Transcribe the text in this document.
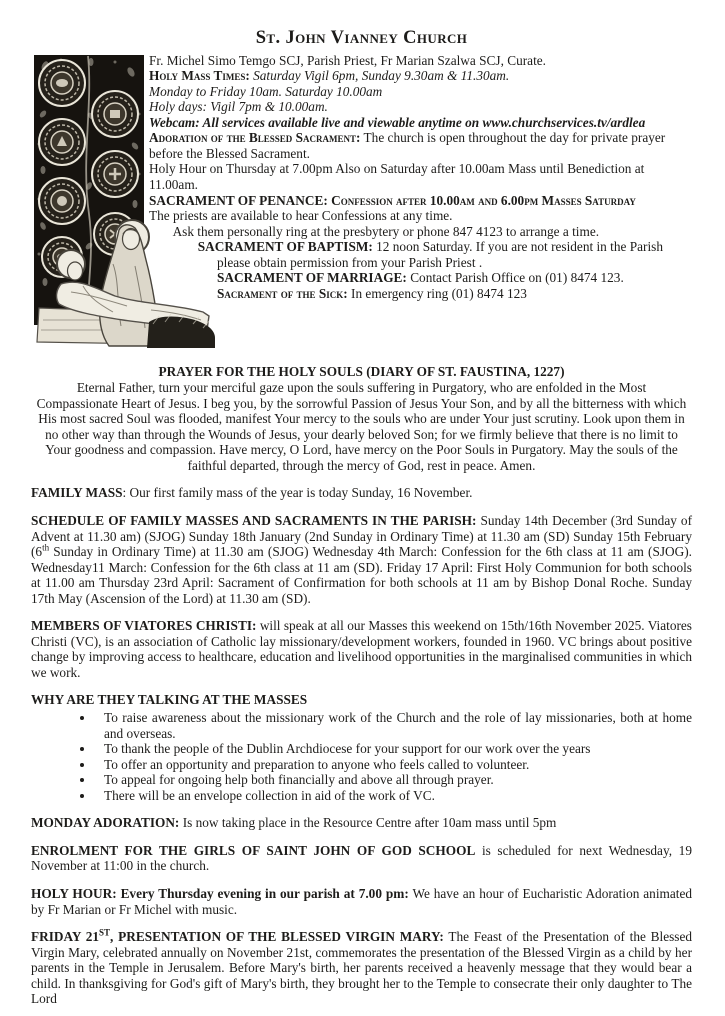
St. John Vianney Church
Fr. Michel Simo Temgo SCJ, Parish Priest, Fr Marian Szalwa SCJ, Curate.
Holy Mass Times: Saturday Vigil 6pm, Sunday 9.30am & 11.30am.
Monday to Friday 10am. Saturday 10.00am
Holy days: Vigil 7pm & 10.00am.
Webcam: All services available live and viewable anytime on www.churchservices.tv/ardlea
Adoration of the Blessed Sacrament: The church is open throughout the day for private prayer before the Blessed Sacrament.
Holy Hour on Thursday at 7.00pm Also on Saturday after 10.00am Mass until Benediction at 11.00am.
SACRAMENT OF PENANCE: Confession after 10.00am and 6.00pm Masses Saturday
The priests are available to hear Confessions at any time.
Ask them personally ring at the presbytery or phone 847 4123 to arrange a time.
SACRAMENT OF BAPTISM: 12 noon Saturday. If you are not resident in the Parish please obtain permission from your Parish Priest .
SACRAMENT OF MARRIAGE: Contact Parish Office on (01) 8474 123.
Sacrament of the Sick: In emergency ring (01) 8474 123
PRAYER FOR THE HOLY SOULS (DIARY OF ST. FAUSTINA, 1227)
Eternal Father, turn your merciful gaze upon the souls suffering in Purgatory, who are enfolded in the Most Compassionate Heart of Jesus. I beg you, by the sorrowful Passion of Jesus Your Son, and by all the bitterness with which His most sacred Soul was flooded, manifest Your mercy to the souls who are under Your just scrutiny. Look upon them in no other way than through the Wounds of Jesus, your dearly beloved Son; for we firmly believe that there is no limit to Your goodness and compassion. Have mercy, O Lord, have mercy on the Poor Souls in Purgatory. May the souls of the faithful departed, through the mercy of God, rest in peace. Amen.
FAMILY MASS: Our first family mass of the year is today Sunday, 16 November.
SCHEDULE OF FAMILY MASSES AND SACRAMENTS IN THE PARISH: Sunday 14th December (3rd Sunday of Advent at 11.30 am) (SJOG) Sunday 18th January (2nd Sunday in Ordinary Time) at 11.30 am (SD) Sunday 15th February (6th Sunday in Ordinary Time) at 11.30 am (SJOG) Wednesday 4th March: Confession for the 6th class at 11 am (SJOG). Wednesday11 March: Confession for the 6th class at 11 am (SD). Friday 17 April: First Holy Communion for both schools at 11.00 am Thursday 23rd April: Sacrament of Confirmation for both schools at 11 am by Bishop Donal Roche. Sunday 17th May (Ascension of the Lord) at 11.30 am (SD).
MEMBERS OF VIATORES CHRISTI: will speak at all our Masses this weekend on 15th/16th November 2025. Viatores Christi (VC), is an association of Catholic lay missionary/development workers, founded in 1960. VC brings about positive change by improving access to healthcare, education and livelihood opportunities in the marginalised communities in which we work.
WHY ARE THEY TALKING AT THE MASSES
• To raise awareness about the missionary work of the Church and the role of lay missionaries, both at home and overseas.
• To thank the people of the Dublin Archdiocese for your support for our work over the years
• To offer an opportunity and preparation to anyone who feels called to volunteer.
• To appeal for ongoing help both financially and above all through prayer.
• There will be an envelope collection in aid of the work of VC.
MONDAY ADORATION: Is now taking place in the Resource Centre after 10am mass until 5pm
ENROLMENT FOR THE GIRLS OF SAINT JOHN OF GOD SCHOOL is scheduled for next Wednesday, 19 November at 11:00 in the church.
HOLY HOUR: Every Thursday evening in our parish at 7.00 pm: We have an hour of Eucharistic Adoration animated by Fr Marian or Fr Michel with music.
FRIDAY 21ST, PRESENTATION OF THE BLESSED VIRGIN MARY: The Feast of the Presentation of the Blessed Virgin Mary, celebrated annually on November 21st, commemorates the presentation of the Blessed Virgin as a child by her parents in the Temple in Jerusalem. Before Mary's birth, her parents received a heavenly message that they would bear a child. In thanksgiving for God's gift of Mary's birth, they brought her to the Temple to consecrate their only daughter to The Lord
